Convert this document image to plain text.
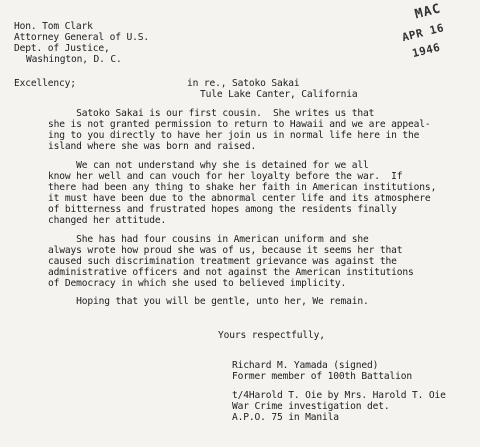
MAC
APR 16
1946
Hon. Tom Clark
Attorney General of U.S.
Dept. of Justice,
Washington, D. C.
Excellency;	in re., Satoko Sakai
Tule Lake Canter, California
Satoko Sakai is our first cousin.  She writes us that
she is not granted permission to return to Hawaii and we are appeal-
ing to you directly to have her join us in normal life here in the
island where she was born and raised.
We can not understand why she is detained for we all
know her well and can vouch for her loyalty before the war.  If
there had been any thing to shake her faith in American institutions,
it must have been due to the abnormal center life and its atmosphere
of bitterness and frustrated hopes among the residents finally
changed her attitude.
She has had four cousins in American uniform and she
always wrote how proud she was of us, because it seems her that
caused such discrimination treatment grievance was against the
administrative officers and not against the American institutions
of Democracy in which she used to believed implicity.
Hoping that you will be gentle, unto her, We remain.
Yours respectfully,
Richard M. Yamada (signed)
Former member of 100th Battalion
t/4Harold T. Oie by Mrs. Harold T. Oie
War Crime investigation det.
A.P.O. 75 in Manila
